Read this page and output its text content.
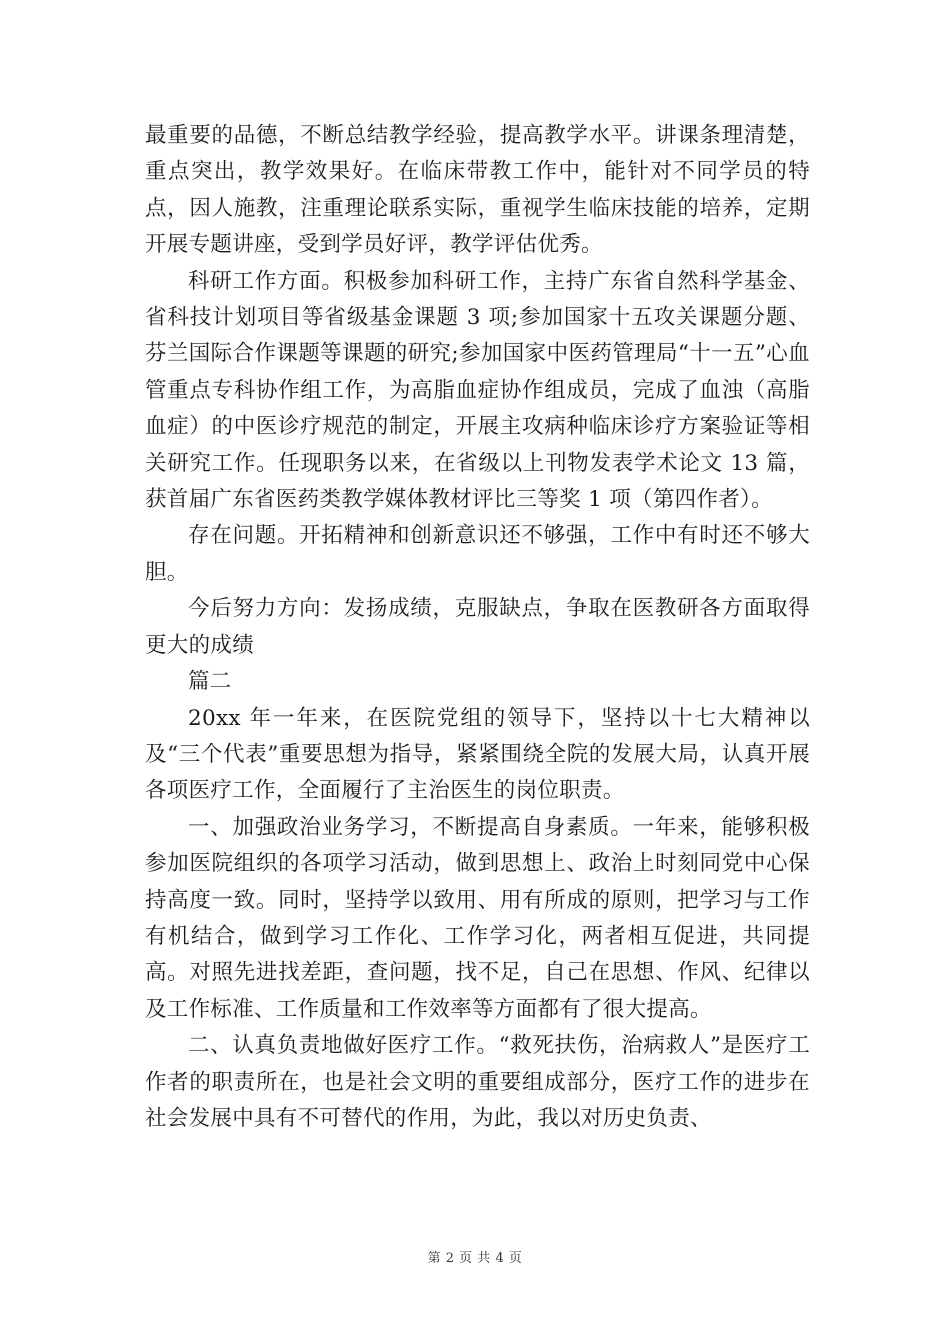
最重要的品德，不断总结教学经验，提高教学水平。讲课条理清楚，重点突出，教学效果好。在临床带教工作中，能针对不同学员的特点，因人施教，注重理论联系实际，重视学生临床技能的培养，定期开展专题讲座，受到学员好评，教学评估优秀。

科研工作方面。积极参加科研工作，主持广东省自然科学基金、省科技计划项目等省级基金课题 3 项;参加国家十五攻关课题分题、芬兰国际合作课题等课题的研究;参加国家中医药管理局“十一五”心血管重点专科协作组工作，为高脂血症协作组成员，完成了血浊（高脂血症）的中医诊疗规范的制定，开展主攻病种临床诊疗方案验证等相关研究工作。任现职务以来，在省级以上刊物发表学术论文 13 篇，获首届广东省医药类教学媒体教材评比三等奖 1 项（第四作者）。

存在问题。开拓精神和创新意识还不够强，工作中有时还不够大胆。

今后努力方向：发扬成绩，克服缺点，争取在医教研各方面取得更大的成绩

篇二

20xx 年一年来，在医院党组的领导下，坚持以十七大精神以及“三个代表”重要思想为指导，紧紧围绕全院的发展大局，认真开展各项医疗工作，全面履行了主治医生的岗位职责。

一、加强政治业务学习，不断提高自身素质。一年来，能够积极参加医院组织的各项学习活动，做到思想上、政治上时刻同党中心保持高度一致。同时，坚持学以致用、用有所成的原则，把学习与工作有机结合，做到学习工作化、工作学习化，两者相互促进，共同提高。对照先进找差距，查问题，找不足，自己在思想、作风、纪律以及工作标准、工作质量和工作效率等方面都有了很大提高。

二、认真负责地做好医疗工作。“救死扶伤，治病救人”是医疗工作者的职责所在，也是社会文明的重要组成部分，医疗工作的进步在社会发展中具有不可替代的作用，为此，我以对历史负责、

第 2 页 共 4 页
